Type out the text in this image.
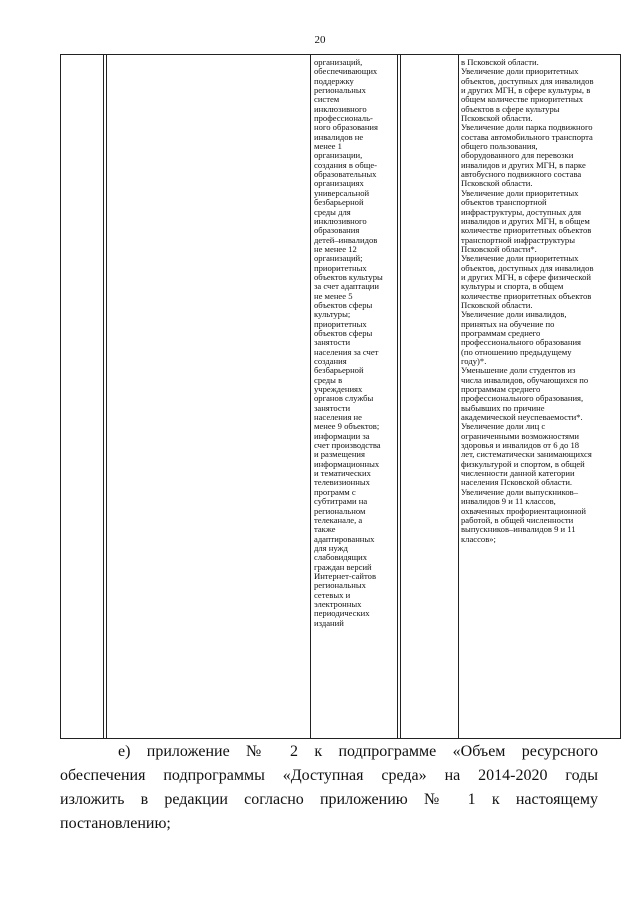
20
организаций,
обеспечивающих
поддержку
региональных
систем
инклюзивного
профессиональ-
ного образования
инвалидов не
менее 1
организации,
создания в обще-
образовательных
организациях
универсальной
безбарьерной
среды для
инклюзивного
образования
детей–инвалидов
не менее 12
организаций;
приоритетных
объектов культуры
за счет адаптации
не менее 5
объектов сферы
культуры;
приоритетных
объектов сферы
занятости
населения за счет
создания
безбарьерной
среды в
учреждениях
органов службы
занятости
населения не
менее 9 объектов;
информации за
счет производства
и размещения
информационных
и тематических
телевизионных
программ с
субтитрами на
региональном
телеканале, а
также
адаптированных
для нужд
слабовидящих
граждан версий
Интернет-сайтов
региональных
сетевых и
электронных
периодических
изданий
в Псковской области.
Увеличение доли приоритетных
объектов, доступных для инвалидов
и других МГН, в сфере культуры, в
общем количестве приоритетных
объектов в сфере культуры
Псковской области.
Увеличение доли парка подвижного
состава автомобильного транспорта
общего пользования,
оборудованного для перевозки
инвалидов и других МГН, в парке
автобусного подвижного состава
Псковской области.
Увеличение доли приоритетных
объектов транспортной
инфраструктуры, доступных для
инвалидов и других МГН, в общем
количестве приоритетных объектов
транспортной инфраструктуры
Псковской области*.
Увеличение доли приоритетных
объектов, доступных для инвалидов
и других МГН, в сфере физической
культуры и спорта, в общем
количестве приоритетных объектов
Псковской области.
Увеличение доли инвалидов,
принятых на обучение по
программам среднего
профессионального образования
(по отношению предыдущему
году)*.
Уменьшение доли студентов из
числа инвалидов, обучающихся по
программам среднего
профессионального образования,
выбывших по причине
академической неуспеваемости*.
Увеличение доли лиц с
ограниченными возможностями
здоровья и инвалидов от 6 до 18
лет, систематически занимающихся
физкультурой и спортом, в общей
численности данной категории
населения Псковской области.
Увеличение доли выпускников–
инвалидов 9 и 11 классов,
охваченных профориентационной
работой, в общей численности
выпускников–инвалидов 9 и 11
классов»;
е) приложение № 2 к подпрограмме «Объем ресурсного
обеспечения подпрограммы «Доступная среда» на 2014-2020 годы
изложить в редакции согласно приложению № 1 к настоящему
постановлению;
